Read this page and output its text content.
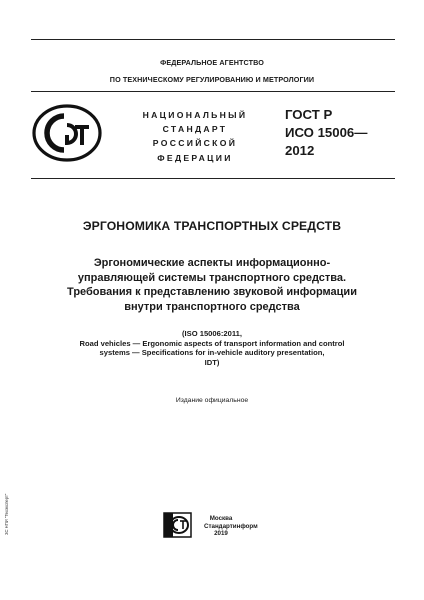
ФЕДЕРАЛЬНОЕ АГЕНТСТВО
ПО ТЕХНИЧЕСКОМУ РЕГУЛИРОВАНИЮ И МЕТРОЛОГИИ
НАЦИОНАЛЬНЫЙ
СТАНДАРТ
РОССИЙСКОЙ
ФЕДЕРАЦИИ
ГОСТ Р
ИСО 15006—
2012
ЭРГОНОМИКА ТРАНСПОРТНЫХ СРЕДСТВ
Эргономические аспекты информационно-
управляющей системы транспортного средства.
Требования к представлению звуковой информации
внутри транспортного средства
(ISO 15006:2011,
Road vehicles — Ergonomic aspects of transport information and control
systems — Specifications for in-vehicle auditory presentation,
IDT)
Издание официальное
Москва
Стандартинформ
2019
ЗС НПИ "Техэксперт"
